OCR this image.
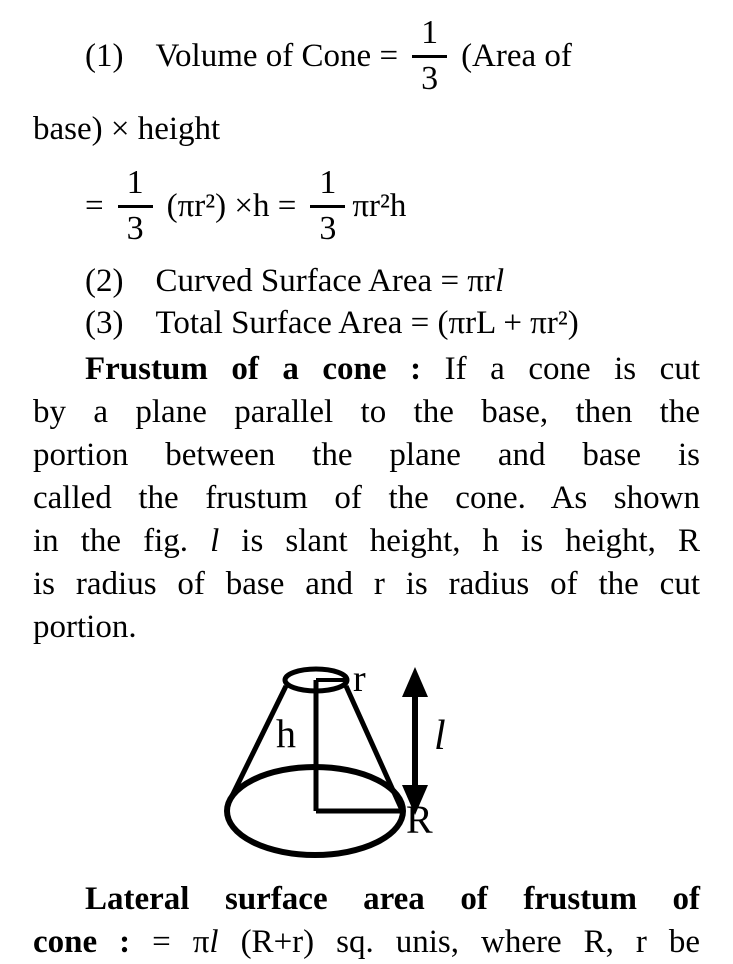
(1) Volume of Cone = $\frac{1}{3}$ (Area of
base) × height
= $\frac{1}{3} (\pi r^2) \times h = \frac{1}{3} \pi r^2h$
(2) Curved Surface Area = πrl
(3) Total Surface Area = (πrL + πr²)
Frustum of a cone : If a cone is cut
by a plane parallel to the base, then the
portion between the plane and base is
called the frustum of the cone. As shown
in the fig. l is slant height, h is height, R
is radius of base and r is radius of the cut
portion.
h
r
l
R
Lateral surface area of frustum of
cone : = πl (R+r) sq. unis, where R, r be
